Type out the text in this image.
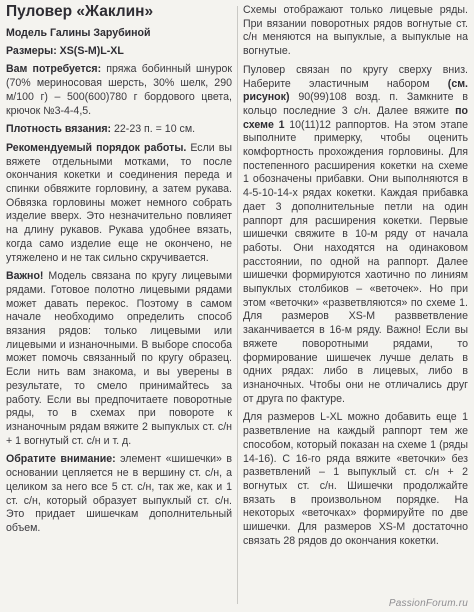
Пуловер «Жаклин»
Модель Галины Зарубиной

Размеры: XS(S-M)L-XL

Вам потребуется: пряжа бобинный шнурок (70% мериносовая шерсть, 30% шелк, 290 м/100 г) – 500(600)780 г бордового цвета, крючок №3-4-4,5.

Плотность вязания: 22-23 п. = 10 см.

Рекомендуемый порядок работы. Если вы вяжете отдельными мотками, то после окончания кокетки и соединения переда и спинки обвяжите горловину, а затем рукава. Обвязка горловины может немного собрать изделие вверх. Это незначительно повлияет на длину рукавов. Рукава удобнее вязать, когда само изделие еще не окончено, не утяжелено и не так сильно скручивается.

Важно! Модель связана по кругу лицевыми рядами. Готовое полотно лицевыми рядами может давать перекос. Поэтому в самом начале необходимо определить способ вязания рядов: только лицевыми или лицевыми и изнаночными. В выборе способа может помочь связанный по кругу образец. Если нить вам знакома, и вы уверены в результате, то смело принимайтесь за работу. Если вы предпочитаете поворотные ряды, то в схемах при повороте к изнаночным рядам вяжите 2 выпуклых ст. с/н + 1 вогнутый ст. с/н и т. д.

Обратите внимание: элемент «шишечки» в основании цепляется не в вершину ст. с/н, а целиком за него все 5 ст. с/н, так же, как и 1 ст. с/н, который образует выпуклый ст. с/н. Это придает шишечкам дополнительный объем.

Схемы отображают только лицевые ряды. При вязании поворотных рядов вогнутые ст. с/н меняются на выпуклые, а выпуклые на вогнутые.

Пуловер связан по кругу сверху вниз. Наберите эластичным набором (см. рисунок) 90(99)108 возд. п. Замкните в кольцо последние 3 с/н. Далее вяжите по схеме 1 10(11)12 раппортов. На этом этапе выполните примерку, чтобы оценить комфортность прохождения горловины. Для постепенного расширения кокетки на схеме 1 обозначены прибавки. Они выполняются в 4-5-10-14-х рядах кокетки. Каждая прибавка дает 3 дополнительные петли на один раппорт для расширения кокетки. Первые шишечки свяжите в 10-м ряду от начала работы. Они находятся на одинаковом расстоянии, по одной на раппорт. Далее шишечки формируются хаотично по линиям выпуклых столбиков – «веточек». Но при этом «веточки» «разветвляются» по схеме 1. Для размеров XS-M развветвление заканчивается в 16-м ряду. Важно! Если вы вяжете поворотными рядами, то формирование шишечек лучше делать в одних рядах: либо в лицевых, либо в изнаночных. Чтобы они не отличались друг от друга по фактуре.

Для размеров L-XL можно добавить еще 1 разветвление на каждый раппорт тем же способом, который показан на схеме 1 (ряды 14-16). С 16-го ряда вяжите «веточки» без разветвлений – 1 выпуклый ст. с/н + 2 вогнутых ст. с/н. Шишечки продолжайте вязать в произвольном порядке. На некоторых «веточках» формируйте по две шишечки. Для размеров XS-M достаточно связать 28 рядов до окончания кокетки.

PassionForum.ru
